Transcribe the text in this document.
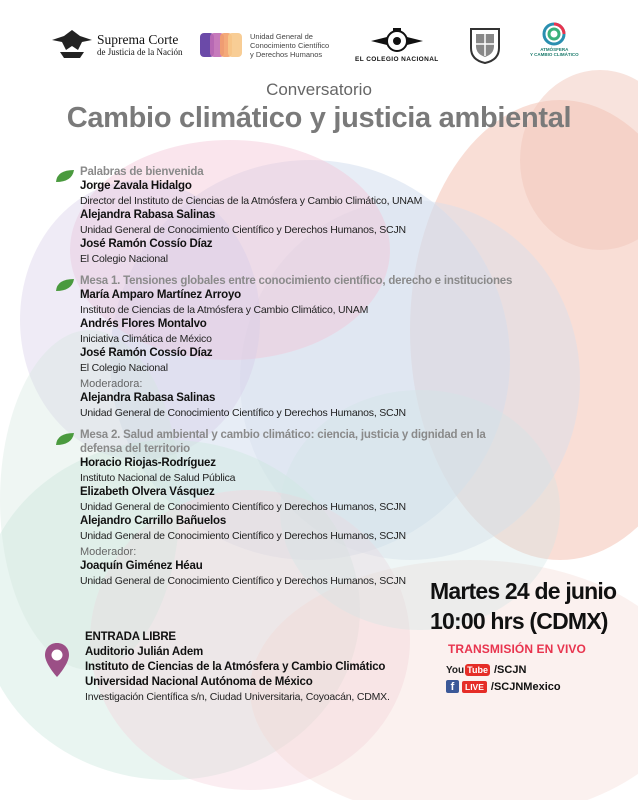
Suprema Corte
de Justicia de la Nación
Unidad General de
Conocimiento Científico
y Derechos Humanos
EL COLEGIO NACIONAL
ATMÓSFERA
Y CAMBIO CLIMÁTICO
Conversatorio
Cambio climático y justicia ambiental
Palabras de bienvenida
Jorge Zavala Hidalgo
Director del Instituto de Ciencias de la Atmósfera y Cambio Climático, UNAM
Alejandra Rabasa Salinas
Unidad General de Conocimiento Científico y Derechos Humanos, SCJN
José Ramón Cossío Díaz
El Colegio Nacional
Mesa 1. Tensiones globales entre conocimiento científico, derecho e instituciones
María Amparo Martínez Arroyo
Instituto de Ciencias de la Atmósfera y Cambio Climático, UNAM
Andrés Flores Montalvo
Iniciativa Climática de México
José Ramón Cossío Díaz
El Colegio Nacional
Moderadora:
Alejandra Rabasa Salinas
Unidad General de Conocimiento Científico y Derechos Humanos, SCJN
Mesa 2. Salud ambiental y cambio climático: ciencia, justicia y dignidad en la
defensa del territorio
Horacio Riojas-Rodríguez
Instituto Nacional de Salud Pública
Elizabeth Olvera Vásquez
Unidad General de Conocimiento Científico y Derechos Humanos, SCJN
Alejandro Carrillo Bañuelos
Unidad General de Conocimiento Científico y Derechos Humanos, SCJN
Moderador:
Joaquín Giménez Héau
Unidad General de Conocimiento Científico y Derechos Humanos, SCJN	Martes 24 de junio
10:00 hrs (CDMX)
TRANSMISIÓN EN VIVO
You Tube /SCJN
f	LIVE /SCJNMexico
ENTRADA LIBRE
Auditorio Julián Adem
Instituto de Ciencias de la Atmósfera y Cambio Climático
Universidad Nacional Autónoma de México
Investigación Científica s/n, Ciudad Universitaria, Coyoacán, CDMX.
